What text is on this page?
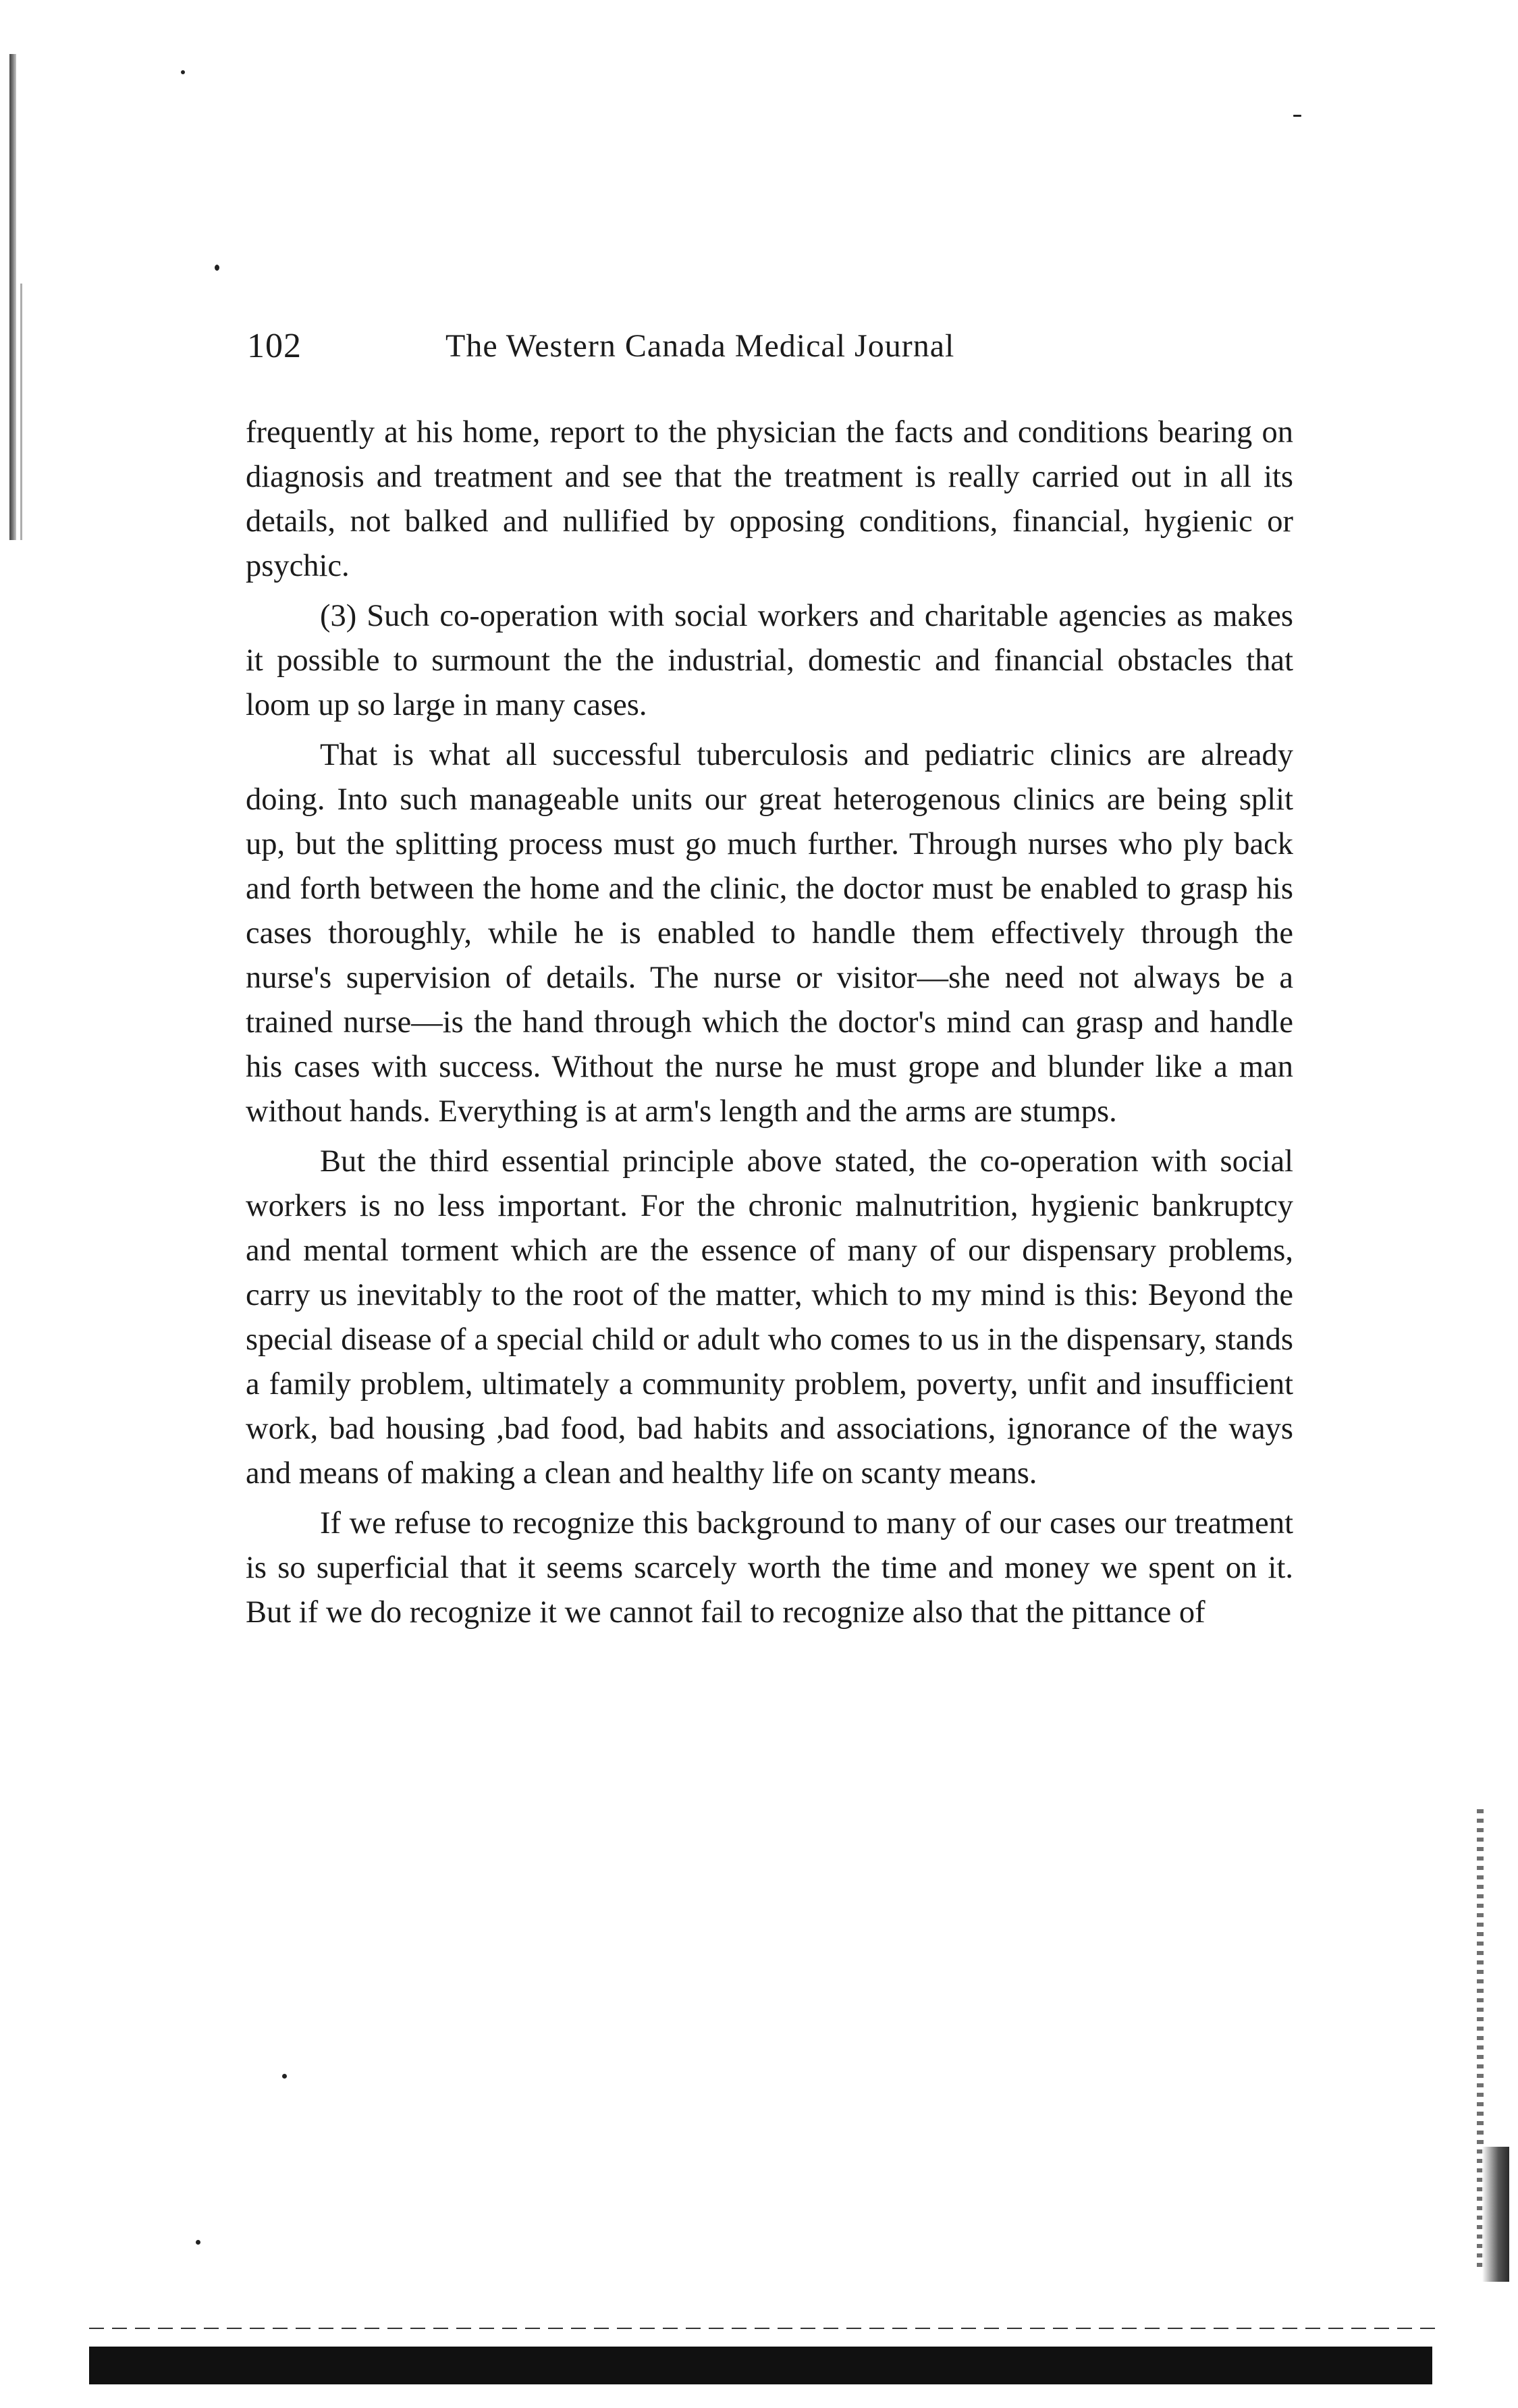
102	The Western Canada Medical Journal

frequently at his home, report to the physician the facts and conditions bearing on diagnosis and treatment and see that the treatment is really carried out in all its details, not balked and nullified by opposing conditions, financial, hygienic or psychic.

(3) Such co-operation with social workers and charitable agencies as makes it possible to surmount the the industrial, domestic and financial obstacles that loom up so large in many cases.

That is what all successful tuberculosis and pediatric clinics are already doing. Into such manageable units our great heterogenous clinics are being split up, but the splitting process must go much further. Through nurses who ply back and forth between the home and the clinic, the doctor must be enabled to grasp his cases thoroughly, while he is enabled to handle them effectively through the nurse's supervision of details. The nurse or visitor—she need not always be a trained nurse—is the hand through which the doctor's mind can grasp and handle his cases with success. Without the nurse he must grope and blunder like a man without hands. Everything is at arm's length and the arms are stumps.

But the third essential principle above stated, the co-operation with social workers is no less important. For the chronic malnutrition, hygienic bankruptcy and mental torment which are the essence of many of our dispensary problems, carry us inevitably to the root of the matter, which to my mind is this: Beyond the special disease of a special child or adult who comes to us in the dispensary, stands a family problem, ultimately a community problem, poverty, unfit and insufficient work, bad housing ,bad food, bad habits and associations, ignorance of the ways and means of making a clean and healthy life on scanty means.

If we refuse to recognize this background to many of our cases our treatment is so superficial that it seems scarcely worth the time and money we spent on it. But if we do recognize it we cannot fail to recognize also that the pittance of
